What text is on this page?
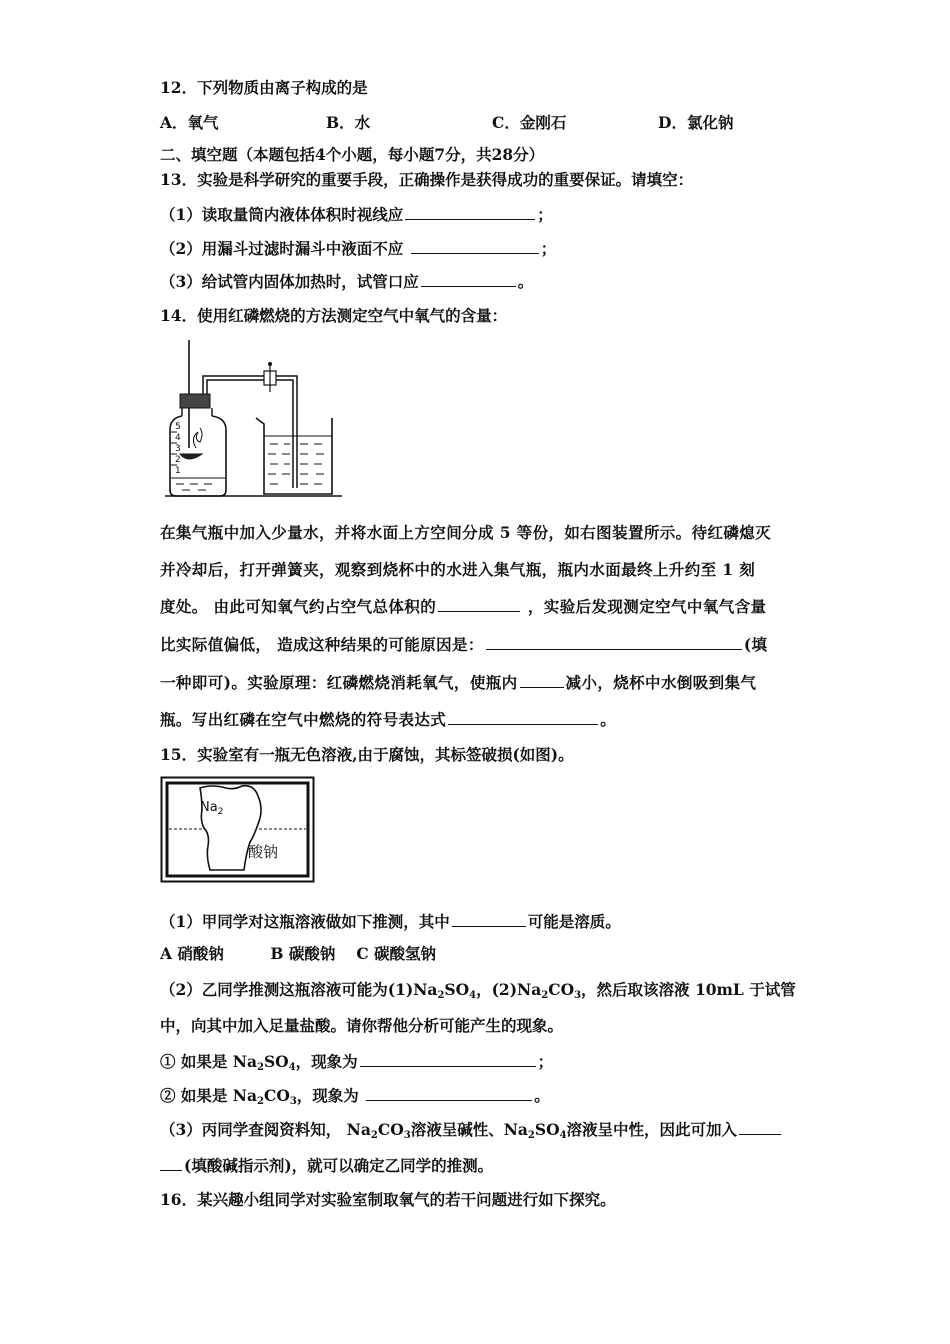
12．下列物质由离子构成的是
A．氧气	B．水	C．金刚石	D．氯化钠
二、填空题（本题包括4个小题，每小题7分，共28分）
13．实验是科学研究的重要手段，正确操作是获得成功的重要保证。请填空：
（1）读取量筒内液体体积时视线应	；
（2）用漏斗过滤时漏斗中液面不应	；
（3）给试管内固体加热时，试管口应	。
14．使用红磷燃烧的方法测定空气中氧气的含量：
5
4
3
2
1
在集气瓶中加入少量水，并将水面上方空间分成 5 等份，如右图装置所示。待红磷熄灭
并冷却后，打开弹簧夹，观察到烧杯中的水进入集气瓶，瓶内水面最终上升约至 1 刻
度处。 由此可知氧气约占空气总体积的	，实验后发现测定空气中氧气含量
比实际值偏低， 造成这种结果的可能原因是：	(填
一种即可)。实验原理：红磷燃烧消耗氧气，使瓶内	减小，烧杯中水倒吸到集气
瓶。写出红磷在空气中燃烧的符号表达式	。
15．实验室有一瓶无色溶液,由于腐蚀，其标签破损(如图)。
$Na_2$
酸钠
（1）甲同学对这瓶溶液做如下推测，其中	可能是溶质。
A 硝酸钠　　　B 碳酸钠　 C 碳酸氢钠
（2）乙同学推测这瓶溶液可能为$(1)Na_2SO_4$，$(2)Na_2CO_3$，然后取该溶液 10mL 于试管
中，向其中加入足量盐酸。请你帮他分析可能产生的现象。
① 如果是 $Na_2SO_4$，现象为	；
② 如果是 $Na_2CO_3$，现象为	。
（3）丙同学查阅资料知， $Na_2CO_3$溶液呈碱性、$Na_2SO_4$溶液呈中性，因此可加入
(填酸碱指示剂)，就可以确定乙同学的推测。
16．某兴趣小组同学对实验室制取氧气的若干问题进行如下探究。
